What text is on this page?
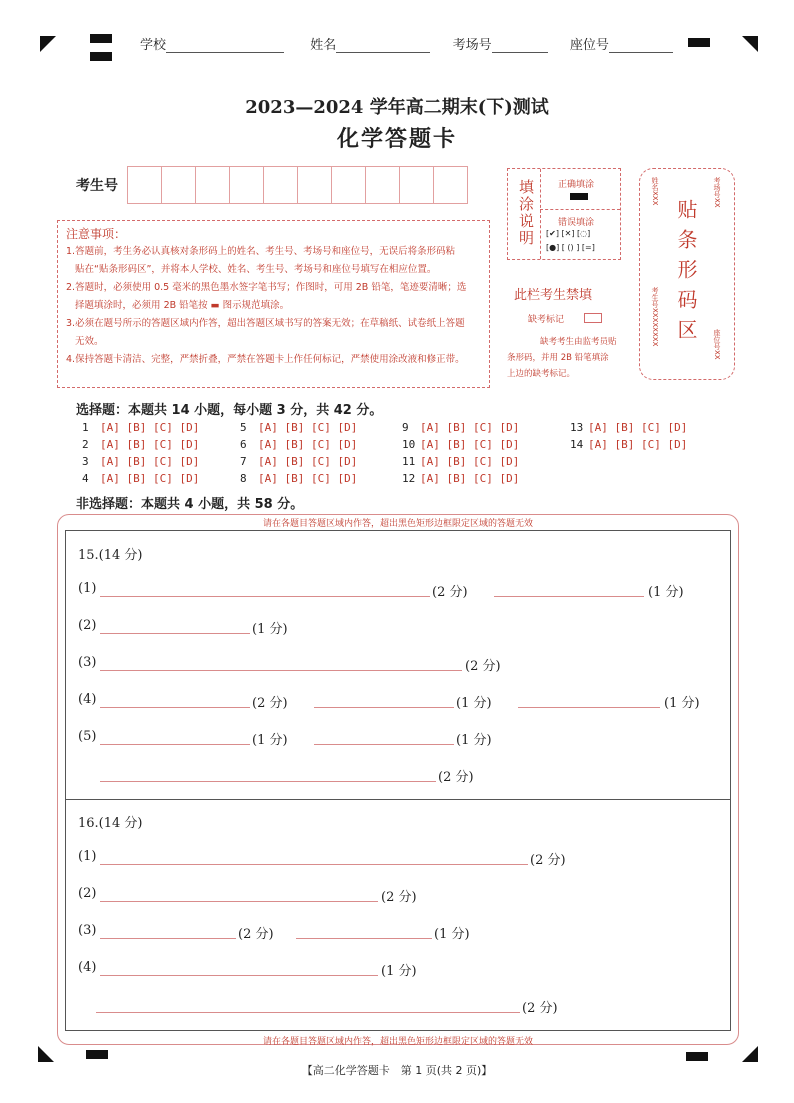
学校	姓名	考场号	座位号
2023—2024 学年高二期末(下)测试
化学答题卡
考生号
注意事项：
1.答题前，考生务必认真核对条形码上的姓名、考生号、考场号和座位号，无误后将条形码粘
贴在“贴条形码区”，并将本人学校、姓名、考生号、考场号和座位号填写在相应位置。
2.答题时，必须使用 0.5 毫米的黑色墨水签字笔书写；作图时，可用 2B 铅笔，笔迹要清晰；选
择题填涂时，必须用 2B 铅笔按 ▬ 图示规范填涂。
3.必须在题号所示的答题区域内作答，超出答题区域书写的答案无效；在草稿纸、试卷纸上答题
无效。
4.保持答题卡清洁、完整，严禁折叠，严禁在答题卡上作任何标记，严禁使用涂改液和修正带。
填涂说明	正确填涂
错误填涂
[✔] [✕] [◌]
[●] [ () ] [=]
此栏考生禁填
缺考标记
缺考考生由监考员贴
条形码，并用 2B 铅笔填涂
上边的缺考标记。
贴条形码区
姓名XXX	考场号XX
考生号XXXXXXXX	座位号XX
选择题：本题共 14 小题，每小题 3 分，共 42 分。
1 [A] [B] [C] [D]
2 [A] [B] [C] [D]
3 [A] [B] [C] [D]
4 [A] [B] [C] [D]
5 [A] [B] [C] [D]
6 [A] [B] [C] [D]
7 [A] [B] [C] [D]
8 [A] [B] [C] [D]
9 [A] [B] [C] [D]
10 [A] [B] [C] [D]
11 [A] [B] [C] [D]
12 [A] [B] [C] [D]
13 [A] [B] [C] [D]
14 [A] [B] [C] [D]
非选择题：本题共 4 小题，共 58 分。
请在各题目答题区域内作答，超出黑色矩形边框限定区域的答题无效
请在各题目答题区域内作答，超出黑色矩形边框限定区域的答题无效
15.(14 分)
(1)	(2 分)	(1 分)
(2)	(1 分)
(3)	(2 分)
(4)	(2 分)	(1 分)	(1 分)
(5)	(1 分)	(1 分)
(2 分)
16.(14 分)
(1)	(2 分)
(2)	(2 分)
(3)	(2 分)	(1 分)
(4)	(1 分)
(2 分)
【高二化学答题卡　第 1 页(共 2 页)】
